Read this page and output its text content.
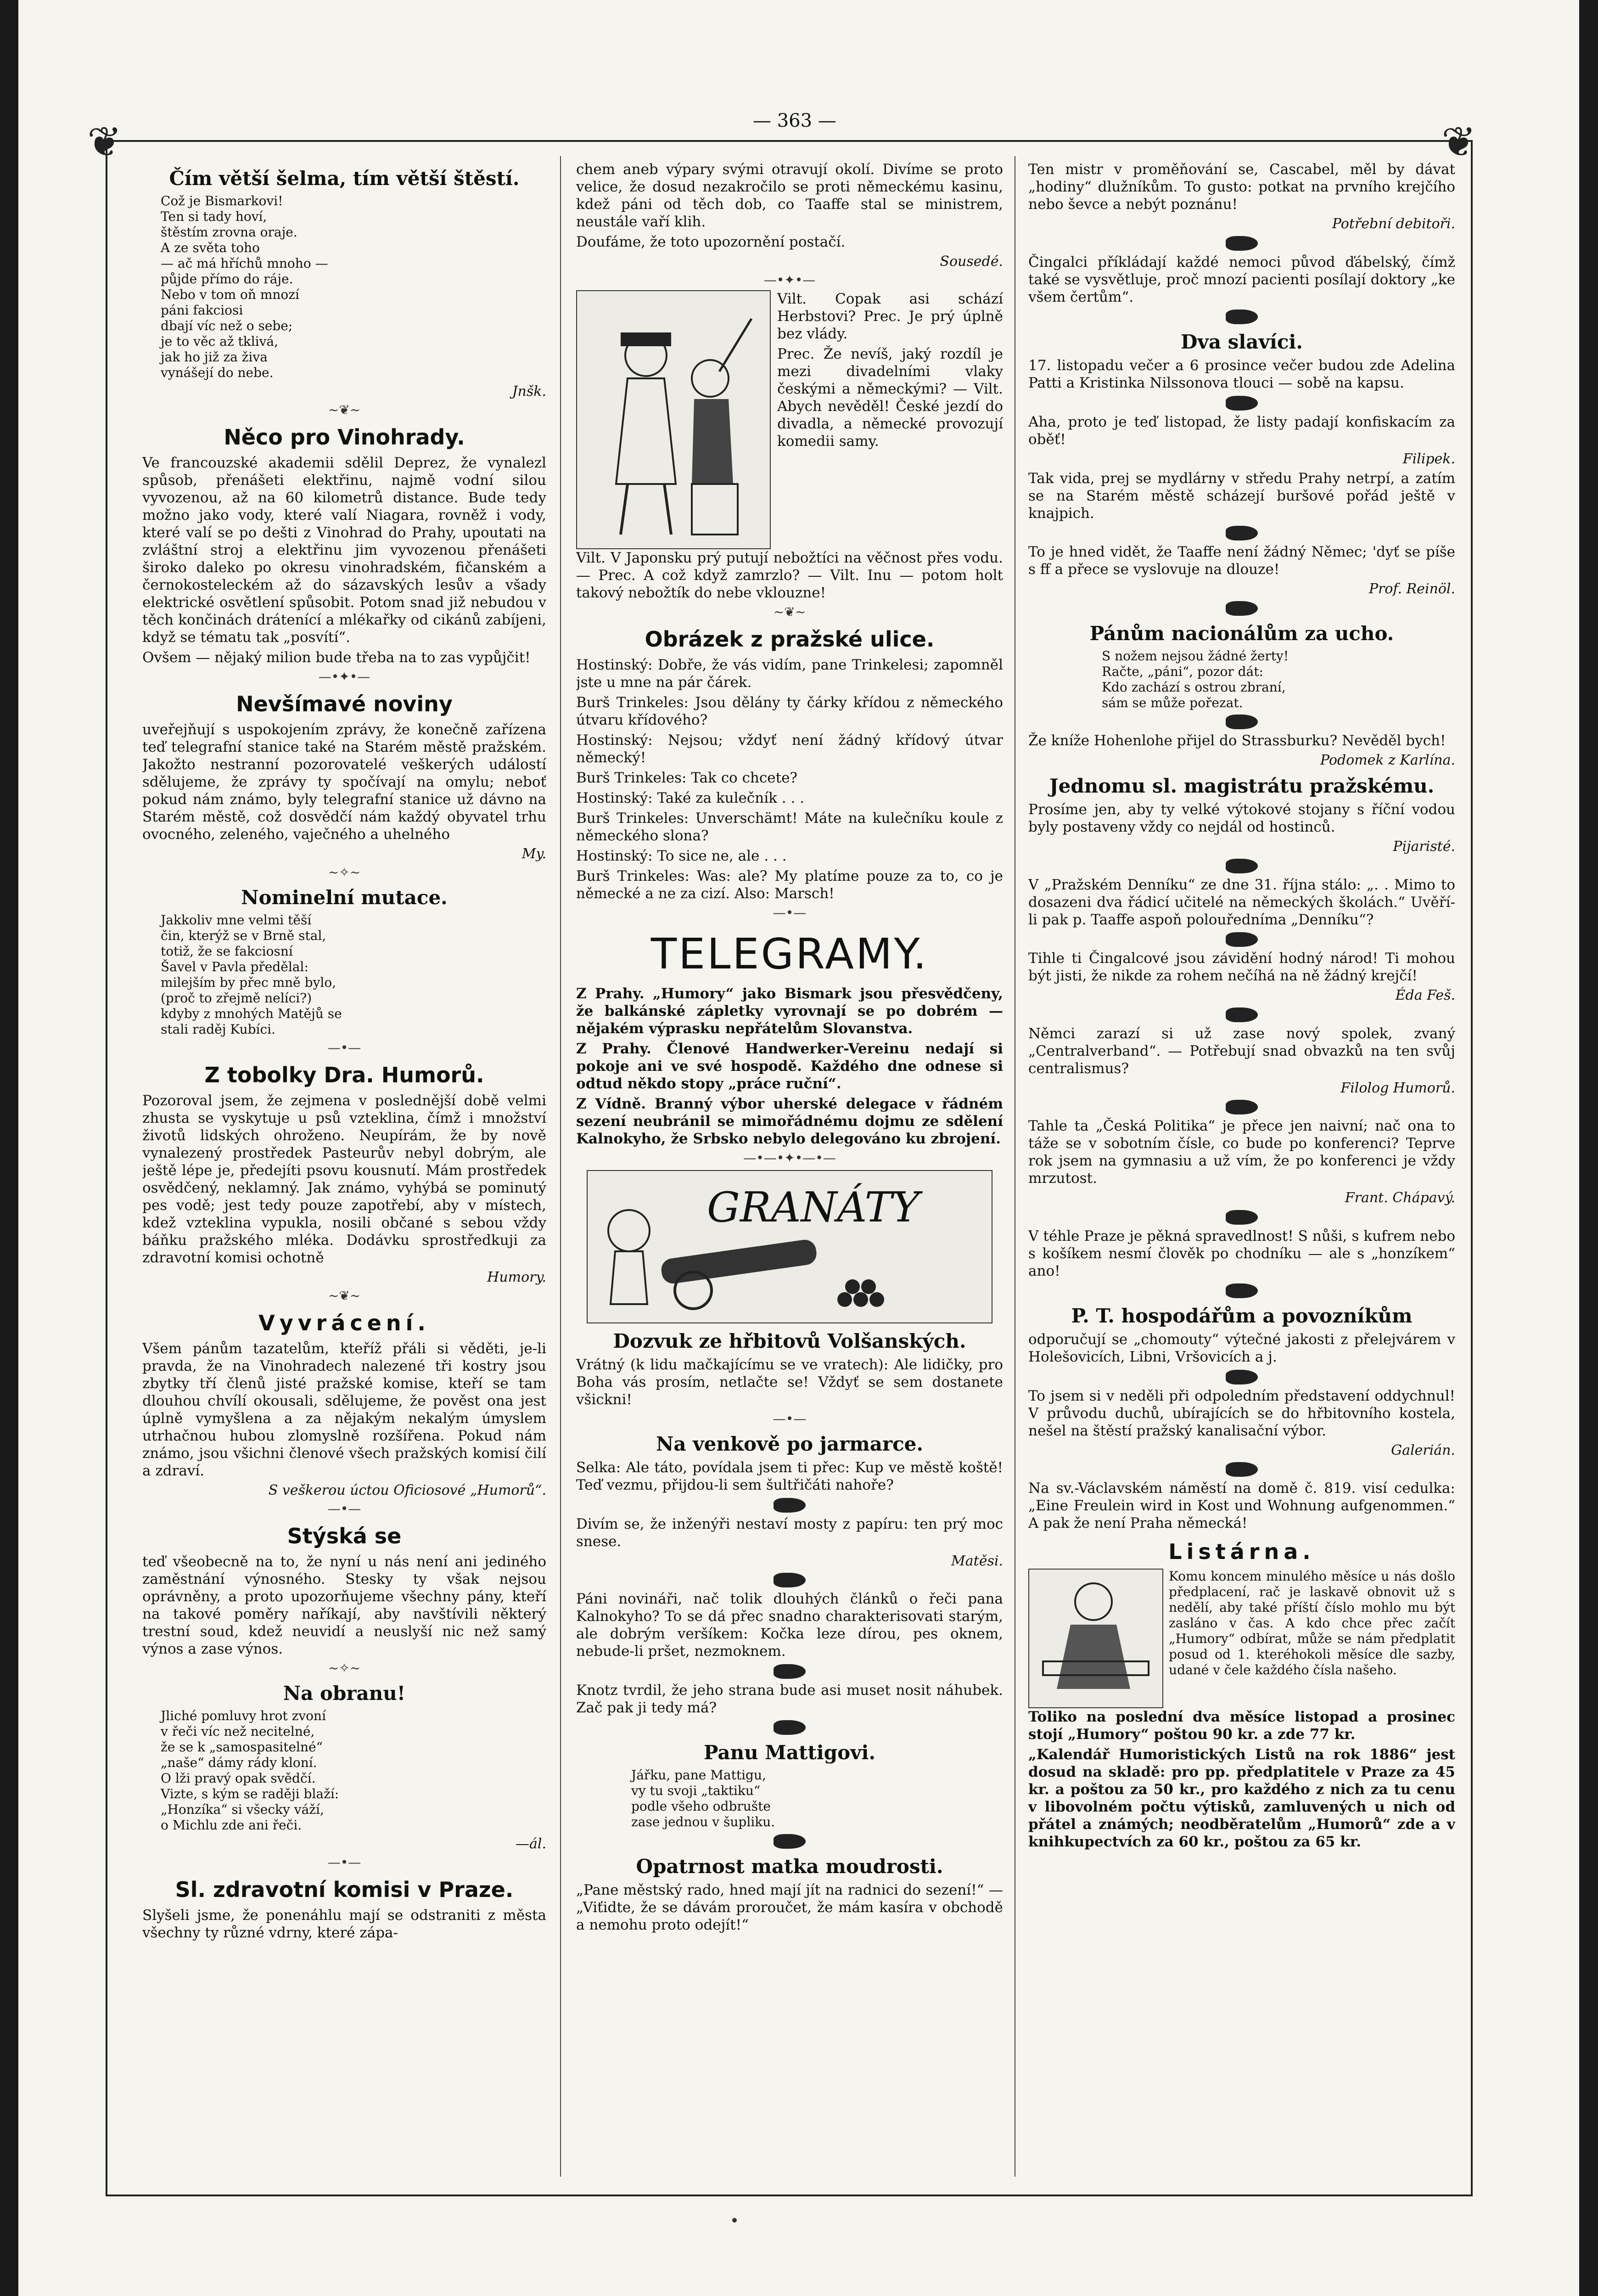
— 363 —
❦	❦
Čím větší šelma, tím větší štěstí.
Což je Bismarkovi!
Ten si tady hoví,
štěstím zrovna oraje.
A ze světa toho
— ač má hříchů mnoho —
půjde přímo do ráje.
Nebo v tom oň mnozí
páni fakciosi
dbají víc než o sebe;
je to věc až tklivá,
jak ho již za živa
vynášejí do nebe.
Jnšk.
~❦~
Něco pro Vinohrady.

Ve francouzské akademii sdělil Deprez, že vynalezl spůsob, přenášeti elektřinu, najmě vodní silou vyvozenou, až na 60 kilometrů distance. Bude tedy možno jako vody, které valí Niagara, rovněž i vody, které valí se po dešti z Vinohrad do Prahy, upoutati na zvláštní stroj a elektřinu jim vyvozenou přenášeti široko daleko po okresu vinohradském, fičanském a černokosteleckém až do sázavských lesův a všady elektrické osvětlení spůsobit. Potom snad již nebudou v těch končinách drátenící a mlékařky od cikánů zabíjeni, když se tématu tak „posvítí“.

Ovšem — nějaký milion bude třeba na to zas vypůjčit!

—•✦•—
Nevšímavé noviny

uveřejňují s uspokojením zprávy, že konečně zařízena teď telegrafní stanice také na Starém městě pražském. Jakožto nestranní pozorovatelé veškerých událostí sdělujeme, že zprávy ty spočívají na omylu; neboť pokud nám známo, byly telegrafní stanice už dávno na Starém městě, což dosvědčí nám každý obyvatel trhu ovocného, zeleného, vaječného a uhelného

My.
~✧~
Nominelní mutace.
Jakkoliv mne velmi těší
čin, kterýž se v Brně stal,
totiž, že se fakciosní
Šavel v Pavla předělal:
milejším by přec mně bylo,
(proč to zřejmě nelíci?)
kdyby z mnohých Matějů se
stali raděj Kubíci.
—•—
Z tobolky Dra. Humorů.

Pozoroval jsem, že zejmena v poslednější době velmi zhusta se vyskytuje u psů vzteklina, čímž i množství životů lidských ohroženo. Neupírám, že by nově vynalezený prostředek Pasteurův nebyl dobrým, ale ještě lépe je, předejíti psovu kousnutí. Mám prostředek osvědčený, neklamný. Jak známo, vyhýbá se pominutý pes vodě; jest tedy pouze zapotřebí, aby v místech, kdež vzteklina vypukla, nosili občané s sebou vždy báňku pražského mléka. Dodávku sprostředkuji za zdravotní komisi ochotně

Humory.
~❦~
Vyvrácení.

Všem pánům tazatelům, kteříž přáli si věděti, je-li pravda, že na Vinohradech nalezené tři kostry jsou zbytky tří členů jisté pražské komise, kteří se tam dlouhou chvílí okousali, sdělujeme, že pověst ona jest úplně vymyšlena a za nějakým nekalým úmyslem utrhačnou hubou zlomyslně rozšířena. Pokud nám známo, jsou všichni členové všech pražských komisí čilí a zdraví.

S veškerou úctou Oficiosové „Humorů“.
—•—
Stýská se

teď všeobecně na to, že nyní u nás není ani jediného zaměstnání výnosného. Stesky ty však nejsou oprávněny, a proto upozorňujeme všechny pány, kteří na takové poměry naříkají, aby navštívili některý trestní soud, kdež neuvidí a neuslyší nic než samý výnos a zase výnos.

~✧~
Na obranu!
Jliché pomluvy hrot zvoní
v řeči víc než necitelné,
že se k „samospasitelné“
„naše“ dámy rády kloní.
O lži pravý opak svědčí.
Vizte, s kým se raději blaží:
„Honzíka“ si všecky váží,
o Michlu zde ani řeči.
—ál.
—•—
Sl. zdravotní komisi v Praze.

Slyšeli jsme, že ponenáhlu mají se odstraniti z města všechny ty různé vdrny, které zápa-

chem aneb výpary svými otravují okolí. Divíme se proto velice, že dosud nezakročilo se proti německému kasinu, kdež páni od těch dob, co Taaffe stal se ministrem, neustále vaří klih.

Doufáme, že toto upozornění postačí.

Sousedé.
—•✦•—

Vilt. Copak asi schází Herbstovi? Prec. Je prý úplně bez vlády.

Prec. Že nevíš, jaký rozdíl je mezi divadelními vlaky českými a německými? — Vilt. Abych nevěděl! České jezdí do divadla, a německé provozují komedii samy.

Vilt. V Japonsku prý putují nebožtíci na věčnost přes vodu. — Prec. A což když zamrzlo? — Vilt. Inu — potom holt takový nebožtík do nebe vklouzne!

~❦~
Obrázek z pražské ulice.

Hostinský: Dobře, že vás vidím, pane Trinkelesi; zapomněl jste u mne na pár čárek.

Burš Trinkeles: Jsou dělány ty čárky křídou z německého útvaru křídového?

Hostinský: Nejsou; vždyť není žádný křídový útvar německý!

Burš Trinkeles: Tak co chcete?

Hostinský: Také za kulečník . . .

Burš Trinkeles: Unverschämt! Máte na kulečníku koule z německého slona?

Hostinský: To sice ne, ale . . .

Burš Trinkeles: Was: ale? My platíme pouze za to, co je německé a ne za cizí. Also: Marsch!

—•—
TELEGRAMY.

Z Prahy. „Humory“ jako Bismark jsou přesvědčeny, že balkánské zápletky vyrovnají se po dobrém — nějakém výprasku nepřátelům Slovanstva.

Z Prahy. Členové Handwerker-Vereinu nedají si pokoje ani ve své hospodě. Každého dne odnese si odtud někdo stopy „práce ruční“.

Z Vídně. Branný výbor uherské delegace v řádném sezení neubránil se mimořádnému dojmu ze sdělení Kalnokyho, že Srbsko nebylo delegováno ku zbrojení.

—•—•✦•—•—
GRANÁTY
Dozvuk ze hřbitovů Volšanských.

Vrátný (k lidu mačkajícímu se ve vratech): Ale lidičky, pro Boha vás prosím, netlačte se! Vždyť se sem dostanete všickni!

—•—
Na venkově po jarmarce.

Selka: Ale táto, povídala jsem ti přec: Kup ve městě koště! Teď vezmu, přijdou-li sem šultřičáti nahoře?

Divím se, že inženýři nestaví mosty z papíru: ten prý moc snese.

Matěsi.

Páni novináři, nač tolik dlouhých článků o řeči pana Kalnokyho? To se dá přec snadno charakterisovati starým, ale dobrým veršíkem: Kočka leze dírou, pes oknem, nebude-li pršet, nezmoknem.

Knotz tvrdil, že jeho strana bude asi muset nosit náhubek. Zač pak ji tedy má?

Panu Mattigovi.
Jářku, pane Mattigu,
vy tu svoji „taktiku“
podle všeho odbrušte
zase jednou v šupliku.
Opatrnost matka moudrosti.

„Pane městský rado, hned mají jít na radnici do sezení!“ — „Viťidte, že se dávám proroučet, že mám kasíra v obchodě a nemohu proto odejít!“

Ten mistr v proměňování se, Cascabel, měl by dávat „hodiny“ dlužníkům. To gusto: potkat na prvního krejčího nebo ševce a nebýt poznánu!

Potřební debitoři.

Čingalci příkládají každé nemoci původ ďábelský, čímž také se vysvětluje, proč mnozí pacienti posílají doktory „ke všem čertům“.

Dva slavíci.

17. listopadu večer a 6 prosince večer budou zde Adelina Patti a Kristinka Nilssonova tlouci — sobě na kapsu.

Aha, proto je teď listopad, že listy padají konfiskacím za oběť!

Filipek.

Tak vida, prej se mydlárny v středu Prahy netrpí, a zatím se na Starém městě scházejí buršové pořád ještě v knajpich.

To je hned vidět, že Taaffe není žádný Němec; 'dyť se píše s ff a přece se vyslovuje na dlouze!

Prof. Reinöl.
Pánům nacionálům za ucho.
S nožem nejsou žádné žerty!
Račte, „páni“, pozor dát:
Kdo zachází s ostrou zbraní,
sám se může pořezat.

Že kníže Hohenlohe přijel do Strassburku? Nevěděl bych!

Podomek z Karlína.
Jednomu sl. magistrátu pražskému.

Prosíme jen, aby ty velké výtokové stojany s říční vodou byly postaveny vždy co nejdál od hostinců.

Pijaristé.

V „Pražském Denníku“ ze dne 31. října stálo: „. . Mimo to dosazeni dva řádicí učitelé na německých školách.“ Uvěří-li pak p. Taaffe aspoň polouředníma „Denníku“?

Tihle ti Čingalcové jsou závidění hodný národ! Ti mohou být jisti, že nikde za rohem nečíhá na ně žádný krejčí!

Éda Feš.

Němci zarazí si už zase nový spolek, zvaný „Centralverband“. — Potřebují snad obvazků na ten svůj centralismus?

Filolog Humorů.

Tahle ta „Česká Politika“ je přece jen naivní; nač ona to táže se v sobotním čísle, co bude po konferenci? Teprve rok jsem na gymnasiu a už vím, že po konferenci je vždy mrzutost.

Frant. Chápavý.

V téhle Praze je pěkná spravedlnost! S nůši, s kufrem nebo s košíkem nesmí člověk po chodníku — ale s „honzíkem“ ano!

P. T. hospodářům a povozníkům

odporučují se „chomouty“ výtečné jakosti z přelejvárem v Holešovicích, Libni, Vršovicích a j.

To jsem si v neděli při odpoledním představení oddychnul! V průvodu duchů, ubírajících se do hřbitovního kostela, nešel na štěstí pražský kanalisační výbor.

Galerián.

Na sv.-Václavském náměstí na domě č. 819. visí cedulka: „Eine Freulein wird in Kost und Wohnung aufgenommen.“ A pak že není Praha německá!

Listárna.

Komu koncem minulého měsíce u nás došlo předplacení, rač je laskavě obnovit už s nedělí, aby také příští číslo mohlo mu být zasláno v čas. A kdo chce přec začít „Humory“ odbírat, může se nám předplatit posud od 1. kteréhokoli měsíce dle sazby, udané v čele každého čísla našeho.

Tolikо na poslední dva měsíce listopad a prosinec stojí „Humory“ poštou 90 kr. a zde 77 kr.

„Kalendář Humoristických Listů na rok 1886“ jest dosud na skladě: pro pp. předplatitele v Praze za 45 kr. a poštou za 50 kr., pro každého z nich za tu cenu v libovolném počtu výtisků, zamluvených u nich od přátel a známých; neodběratelům „Humorů“ zde a v knihkupectvích za 60 kr., poštou za 65 kr.
